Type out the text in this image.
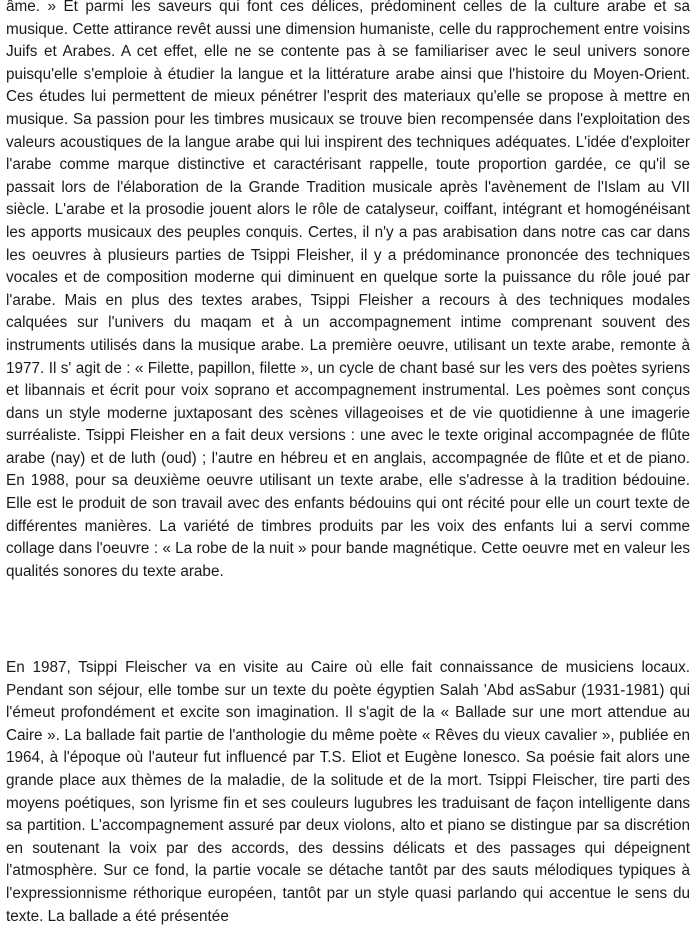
âme. » Et parmi les saveurs qui font ces délices, prédominent celles de la culture arabe et sa musique. Cette attirance revêt aussi une dimension humaniste, celle du rapprochement entre voisins Juifs et Arabes. A cet effet, elle ne se contente pas à se familiariser avec le seul univers sonore puisqu'elle s'emploie à étudier la langue et la littérature arabe ainsi que l'histoire du Moyen-Orient. Ces études lui permettent de mieux pénétrer l'esprit des materiaux qu'elle se propose à mettre en musique. Sa passion pour les timbres musicaux se trouve bien recompensée dans l'exploitation des valeurs acoustiques de la langue arabe qui lui inspirent des techniques adéquates. L'idée d'exploiter l'arabe comme marque distinctive et caractérisant rappelle, toute proportion gardée, ce qu'il se passait lors de l'élaboration de la Grande Tradition musicale après l'avènement de l'Islam au VII siècle. L'arabe et la prosodie jouent alors le rôle de catalyseur, coiffant, intégrant et homogénéisant les apports musicaux des peuples conquis. Certes, il n'y a pas arabisation dans notre cas car dans les oeuvres à plusieurs parties de Tsippi Fleisher, il y a prédominance prononcée des techniques vocales et de composition moderne qui diminuent en quelque sorte la puissance du rôle joué par l'arabe. Mais en plus des textes arabes, Tsippi Fleisher a recours à des techniques modales calquées sur l'univers du maqam et à un accompagnement intime comprenant souvent des instruments utilisés dans la musique arabe. La première oeuvre, utilisant un texte arabe, remonte à 1977. Il s' agit de : « Filette, papillon, filette », un cycle de chant basé sur les vers des poètes syriens et libannais et écrit pour voix soprano et accompagnement instrumental. Les poèmes sont conçus dans un style moderne juxtaposant des scènes villageoises et de vie quotidienne à une imagerie surréaliste. Tsippi Fleisher en a fait deux versions : une avec le texte original accompagnée de flûte arabe (nay) et de luth (oud) ; l'autre en hébreu et en anglais, accompagnée de flûte et et de piano. En 1988, pour sa deuxième oeuvre utilisant un texte arabe, elle s'adresse à la tradition bédouine. Elle est le produit de son travail avec des enfants bédouins qui ont récité pour elle un court texte de différentes manières. La variété de timbres produits par les voix des enfants lui a servi comme collage dans l'oeuvre : « La robe de la nuit » pour bande magnétique. Cette oeuvre met en valeur les qualités sonores du texte arabe.

En 1987, Tsippi Fleischer va en visite au Caire où elle fait connaissance de musiciens locaux. Pendant son séjour, elle tombe sur un texte du poète égyptien Salah 'Abd asSabur (1931-1981) qui l'émeut profondément et excite son imagination. Il s'agit de la « Ballade sur une mort attendue au Caire ». La ballade fait partie de l'anthologie du même poète « Rêves du vieux cavalier », publiée en 1964, à l'époque où l'auteur fut influencé par T.S. Eliot et Eugène Ionesco. Sa poésie fait alors une grande place aux thèmes de la maladie, de la solitude et de la mort. Tsippi Fleischer, tire parti des moyens poétiques, son lyrisme fin et ses couleurs lugubres les traduisant de façon intelligente dans sa partition. L'accompagnement assuré par deux violons, alto et piano se distingue par sa discrétion en soutenant la voix par des accords, des dessins délicats et des passages qui dépeignent l'atmosphère. Sur ce fond, la partie vocale se détache tantôt par des sauts mélodiques typiques à l'expressionnisme réthorique européen, tantôt par un style quasi parlando qui accentue le sens du texte. La ballade a été présentée
